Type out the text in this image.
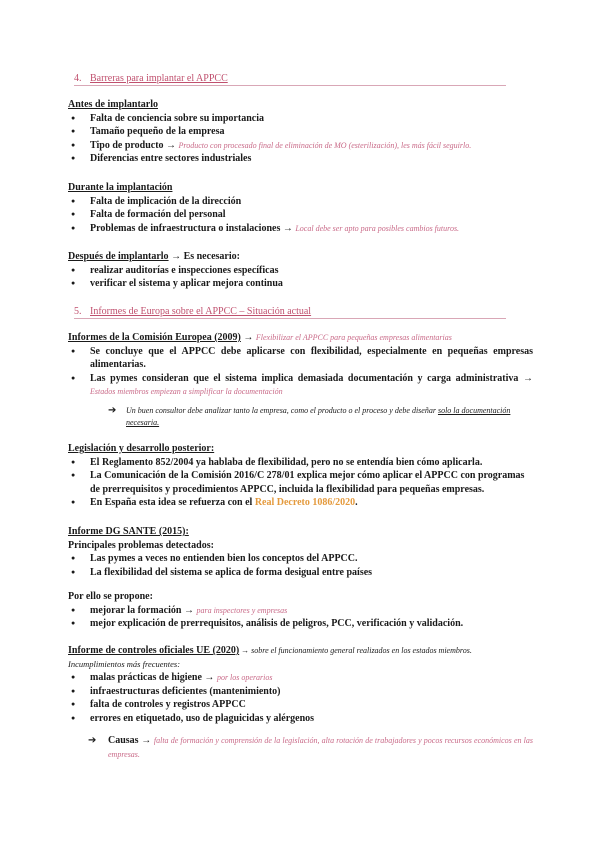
4. Barreras para implantar el APPCC
Antes de implantarlo
● Falta de conciencia sobre su importancia
● Tamaño pequeño de la empresa
● Tipo de producto → Producto con procesado final de eliminación de MO (esterilización), les más fácil seguirlo.
● Diferencias entre sectores industriales
Durante la implantación
● Falta de implicación de la dirección
● Falta de formación del personal
● Problemas de infraestructura o instalaciones → Local debe ser apto para posibles cambios futuros.
Después de implantarlo → Es necesario:
● realizar auditorías e inspecciones específicas
● verificar el sistema y aplicar mejora continua
5. Informes de Europa sobre el APPCC – Situación actual
Informes de la Comisión Europea (2009) → Flexibilizar el APPCC para pequeñas empresas alimentarias
● Se concluye que el APPCC debe aplicarse con flexibilidad, especialmente en pequeñas empresas alimentarias.
● Las pymes consideran que el sistema implica demasiada documentación y carga administrativa → Estados miembros empiezan a simplificar la documentación
➔ Un buen consultor debe analizar tanto la empresa, como el producto o el proceso y debe diseñar solo la documentación necesaria.
Legislación y desarrollo posterior:
● El Reglamento 852/2004 ya hablaba de flexibilidad, pero no se entendía bien cómo aplicarla.
● La Comunicación de la Comisión 2016/C 278/01 explica mejor cómo aplicar el APPCC con programas de prerrequisitos y procedimientos APPCC, incluida la flexibilidad para pequeñas empresas.
● En España esta idea se refuerza con el Real Decreto 1086/2020.
Informe DG SANTE (2015):
Principales problemas detectados:
● Las pymes a veces no entienden bien los conceptos del APPCC.
● La flexibilidad del sistema se aplica de forma desigual entre países
Por ello se propone:
● mejorar la formación → para inspectores y empresas
● mejor explicación de prerrequisitos, análisis de peligros, PCC, verificación y validación.
Informe de controles oficiales UE (2020) → sobre el funcionamiento general realizados en los estados miembros.
Incumplimientos más frecuentes:
● malas prácticas de higiene → por los operarios
● infraestructuras deficientes (mantenimiento)
● falta de controles y registros APPCC
● errores en etiquetado, uso de plaguicidas y alérgenos
➔ Causas → falta de formación y comprensión de la legislación, alta rotación de trabajadores y pocos recursos económicos en las empresas.
